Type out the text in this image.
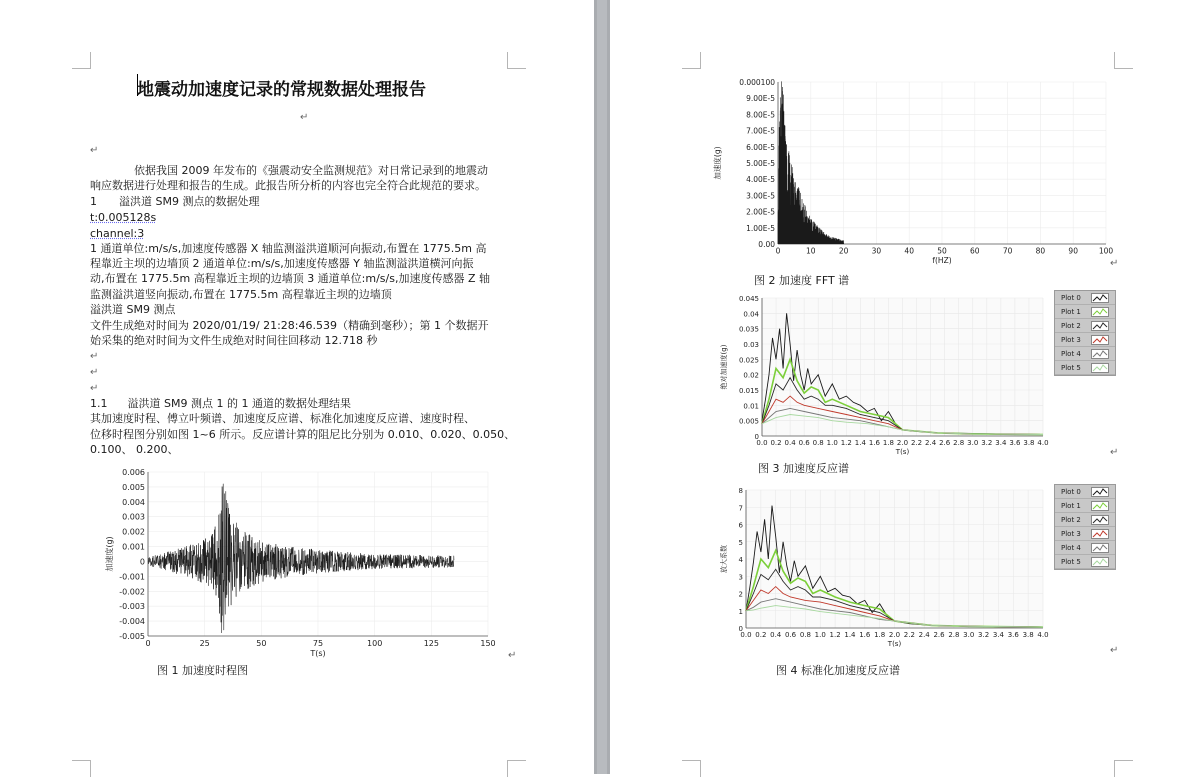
地震动加速度记录的常规数据处理报告
↵
↵
依据我国 2009 年发布的《强震动安全监测规范》对日常记录到的地震动
响应数据进行处理和报告的生成。此报告所分析的内容也完全符合此规范的要求。
1 溢洪道 SM9 测点的数据处理
t:0.005128s
channel:3
1 通道单位:m/s/s,加速度传感器 X 轴监测溢洪道顺河向振动,布置在 1775.5m 高
程靠近主坝的边墙顶 2 通道单位:m/s/s,加速度传感器 Y 轴监测溢洪道横河向振
动,布置在 1775.5m 高程靠近主坝的边墙顶 3 通道单位:m/s/s,加速度传感器 Z 轴
监测溢洪道竖向振动,布置在 1775.5m 高程靠近主坝的边墙顶
溢洪道 SM9 测点
文件生成绝对时间为 2020/01/19/ 21:28:46.539（精确到毫秒）；第 1 个数据开
始采集的绝对时间为文件生成绝对时间往回移动 12.718 秒
↵
↵
↵
1.1 溢洪道 SM9 测点 1 的 1 通道的数据处理结果
其加速度时程、傅立叶频谱、加速度反应谱、标准化加速度反应谱、速度时程、
位移时程图分别如图 1~6 所示。反应谱计算的阻尼比分别为 0.010、0.020、0.050、
0.100、 0.200、
-0.005
-0.004
-0.003
-0.002
-0.001
0
0.001
0.002
0.003
0.004
0.005
0.006
0	25	50	75	100	125	150
T(s)
加速度(g)
图 1 加速度时程图
↵
0.00
1.00E-5
2.00E-5
3.00E-5
4.00E-5
5.00E-5
6.00E-5
7.00E-5
8.00E-5
9.00E-5
0.000100
0	10	20	30	40	50	60	70	80	90	100
f(HZ)
加速度(g)
图 2 加速度 FFT 谱
↵
0
0.005
0.01
0.015
0.02
0.025
0.03
0.035
0.04
0.045
0.0 0.2 0.4 0.6 0.8 1.0 1.2 1.4 1.6 1.8 2.0 2.2 2.4 2.6 2.8 3.0 3.2 3.4 3.6 3.8 4.0
T(s)
绝对加速度(g)
Plot 0
Plot 1
Plot 2
Plot 3
Plot 4
Plot 5
图 3 加速度反应谱
↵
0
1
2
3
4
5
6
7
8
0.0 0.2 0.4 0.6 0.8 1.0 1.2 1.4 1.6 1.8 2.0 2.2 2.4 2.6 2.8 3.0 3.2 3.4 3.6 3.8 4.0
T(s)
放大系数
Plot 0
Plot 1
Plot 2
Plot 3
Plot 4
Plot 5
图 4 标准化加速度反应谱
↵
